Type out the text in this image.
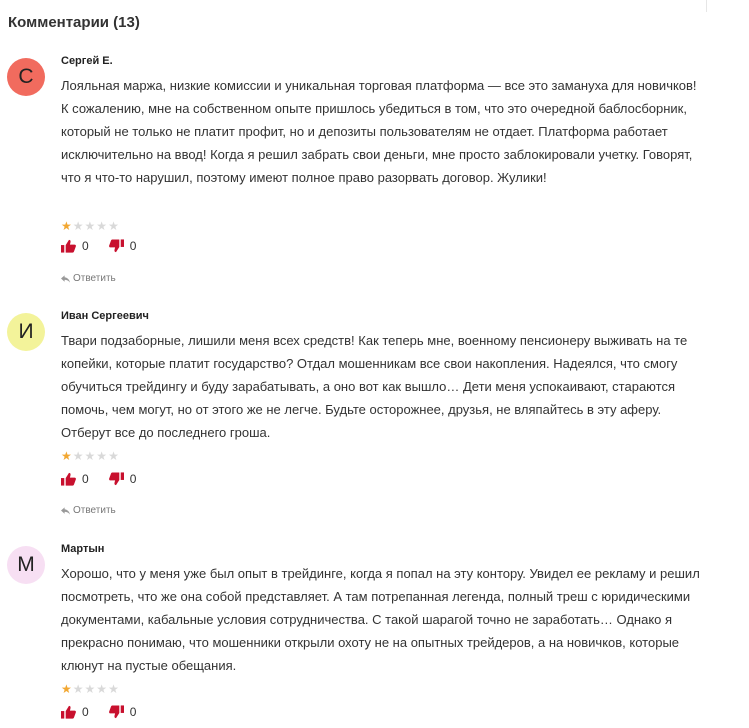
Комментарии (13)
С
Сергей Е.

Лояльная маржа, низкие комиссии и уникальная торговая платформа — все это замануха для новичков! К сожалению, мне на собственном опыте пришлось убедиться в том, что это очередной баблосборник, который не только не платит профит, но и депозиты пользователям не отдает. Платформа работает исключительно на ввод! Когда я решил забрать свои деньги, мне просто заблокировали учетку. Говорят, что я что-то нарушил, поэтому имеют полное право разорвать договор. Жулики!

★ ★ ★ ★ ★
0	0
Ответить
И
Иван Сергеевич

Твари подзаборные, лишили меня всех средств! Как теперь мне, военному пенсионеру выживать на те копейки, которые платит государство? Отдал мошенникам все свои накопления. Надеялся, что смогу обучиться трейдингу и буду зарабатывать, а оно вот как вышло… Дети меня успокаивают, стараются помочь, чем могут, но от этого же не легче. Будьте осторожнее, друзья, не вляпайтесь в эту аферу. Отберут все до последнего гроша.

★ ★ ★ ★ ★
0	0
Ответить
М
Мартын

Хорошо, что у меня уже был опыт в трейдинге, когда я попал на эту контору. Увидел ее рекламу и решил посмотреть, что же она собой представляет. А там потрепанная легенда, полный треш с юридическими документами, кабальные условия сотрудничества. С такой шарагой точно не заработать… Однако я прекрасно понимаю, что мошенники открыли охоту не на опытных трейдеров, а на новичков, которые клюнут на пустые обещания.

★ ★ ★ ★ ★
0	0
